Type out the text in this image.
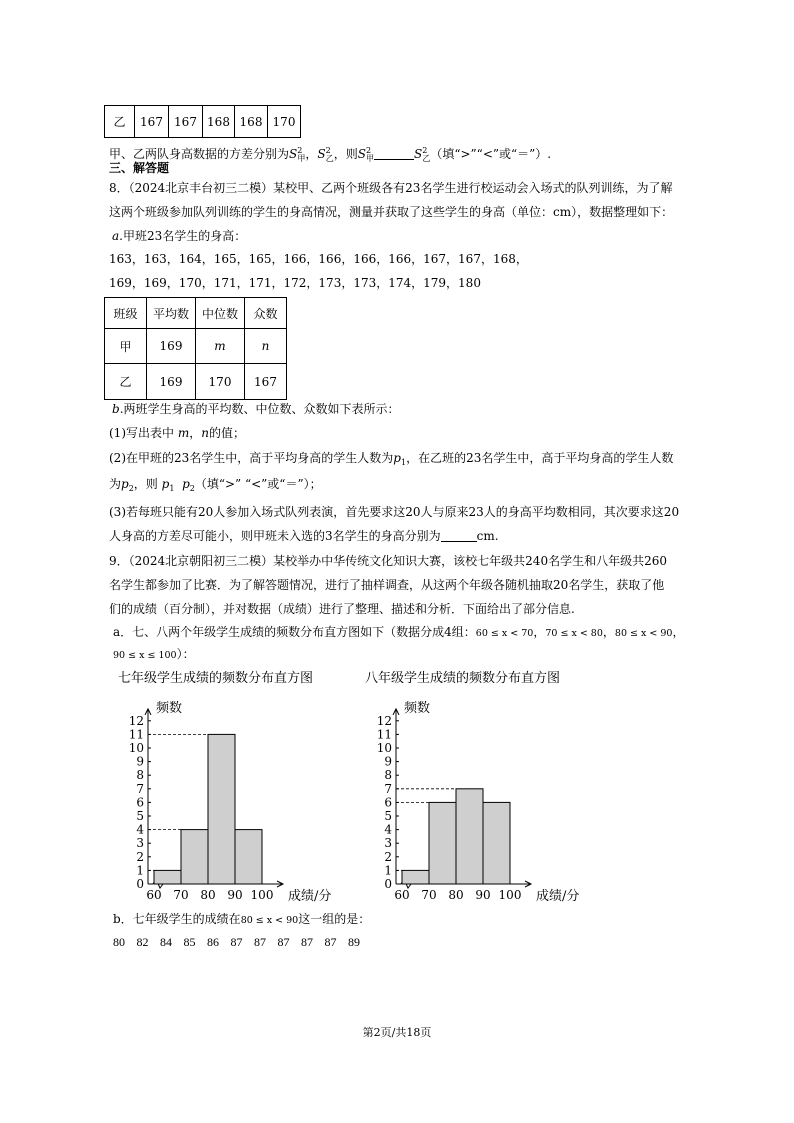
乙	167	167	168	168	170
甲、乙两队身高数据的方差分别为$S^2_甲$，$S^2_乙$，则$S^2_甲$	$S^2_乙$（填“>”“<”或“＝”）.
三、解答题
8．（2024北京丰台初三二模）某校甲、乙两个班级各有23名学生进行校运动会入场式的队列训练，为了解
这两个班级参加队列训练的学生的身高情况，测量并获取了这些学生的身高（单位：cm），数据整理如下：
a.甲班23名学生的身高：
163，163，164，165，165，166，166，166，166，167，167，168，
169，169，170，171，171，172，173，173，174，179，180
班级	平均数	中位数	众数
甲	169	m	n
乙	169	170	167
b.两班学生身高的平均数、中位数、众数如下表所示：
(1)写出表中 m，n的值；
(2)在甲班的23名学生中，高于平均身高的学生人数为$p_1$，在乙班的23名学生中，高于平均身高的学生人数
为$p_2$，则 $p_1$ $p_2$（填“>” “<”或“＝”）；
(3)若每班只能有20人参加入场式队列表演，首先要求这20人与原来23人的身高平均数相同，其次要求这20
人身高的方差尽可能小，则甲班未入选的3名学生的身高分别为	cm.
9．（2024北京朝阳初三二模）某校举办中华传统文化知识大赛，该校七年级共240名学生和八年级共260
名学生都参加了比赛．为了解答题情况，进行了抽样调查，从这两个年级各随机抽取20名学生，获取了他
们的成绩（百分制），并对数据（成绩）进行了整理、描述和分析．下面给出了部分信息.
a．七、八两个年级学生成绩的频数分布直方图如下（数据分成4组：60 ≤ x < 70，70 ≤ x < 80，80 ≤ x < 90，
90 ≤ x ≤ 100）：
七年级学生成绩的频数分布直方图	八年级学生成绩的频数分布直方图
0
1
2
3
4
5
6
7
8
9
10
11
12
频数
60 70 80 90 100 成绩/分
0
1
2
3
4
5
6
7
8
9
10
11
12
频数
60 70 80 90 100 成绩/分
b．七年级学生的成绩在80 ≤ x < 90这一组的是：
80 82 84 85 86 87 87 87 87 87 89
第2页/共18页
